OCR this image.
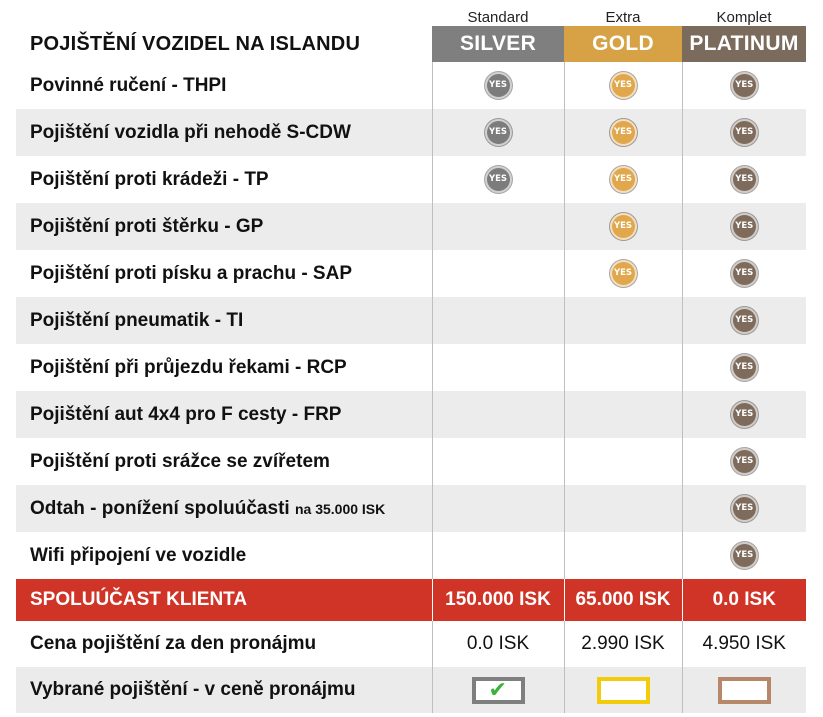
	Standard	Extra	Komplet
POJIŠTĚNÍ VOZIDEL NA ISLANDU	SILVER	GOLD	PLATINUM
Povinné ručení - THPI	YES	YES	YES
Pojištění vozidla při nehodě S-CDW	YES	YES	YES
Pojištění proti krádeži - TP	YES	YES	YES
Pojištění proti štěrku - GP		YES	YES
Pojištění proti písku a prachu - SAP		YES	YES
Pojištění pneumatik - TI			YES
Pojištění při průjezdu řekami - RCP			YES
Pojištění aut 4x4 pro F cesty - FRP			YES
Pojištění proti srážce se zvířetem			YES
Odtah - ponížení spoluúčasti na 35.000 ISK			YES
Wifi připojení ve vozidle			YES
SPOLUÚČAST KLIENTA	150.000 ISK	65.000 ISK	0.0 ISK
Cena pojištění za den pronájmu	0.0 ISK	2.990 ISK	4.950 ISK
Vybrané pojištění - v ceně pronájmu	✔		
